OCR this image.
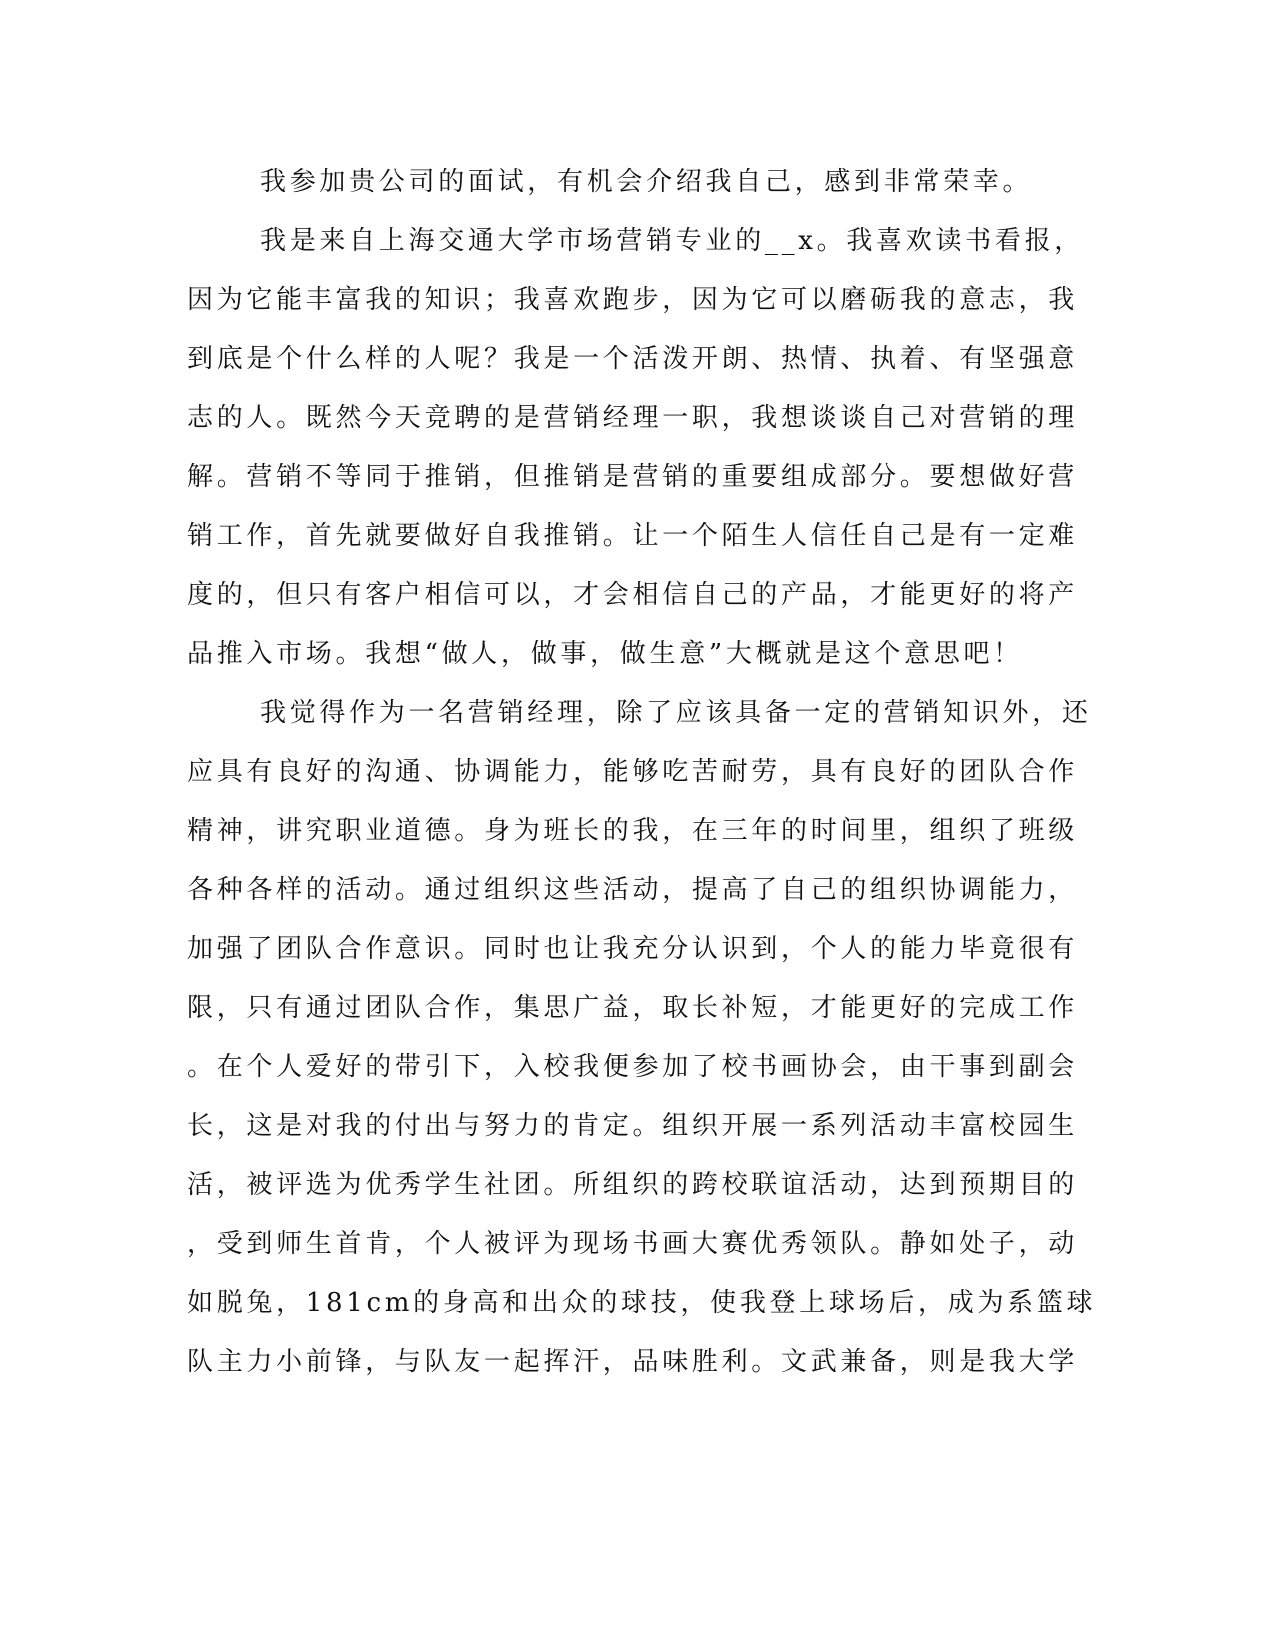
我参加贵公司的面试，有机会介绍我自己，感到非常荣幸。

我是来自上海交通大学市场营销专业的__x。我喜欢读书看报，

因为它能丰富我的知识；我喜欢跑步，因为它可以磨砺我的意志，我

到底是个什么样的人呢？我是一个活泼开朗、热情、执着、有坚强意

志的人。既然今天竞聘的是营销经理一职，我想谈谈自己对营销的理

解。营销不等同于推销，但推销是营销的重要组成部分。要想做好营

销工作，首先就要做好自我推销。让一个陌生人信任自己是有一定难

度的，但只有客户相信可以，才会相信自己的产品，才能更好的将产

品推入市场。我想“做人，做事，做生意”大概就是这个意思吧！

我觉得作为一名营销经理，除了应该具备一定的营销知识外，还

应具有良好的沟通、协调能力，能够吃苦耐劳，具有良好的团队合作

精神，讲究职业道德。身为班长的我，在三年的时间里，组织了班级

各种各样的活动。通过组织这些活动，提高了自己的组织协调能力，

加强了团队合作意识。同时也让我充分认识到，个人的能力毕竟很有

限，只有通过团队合作，集思广益，取长补短，才能更好的完成工作

。在个人爱好的带引下，入校我便参加了校书画协会，由干事到副会

长，这是对我的付出与努力的肯定。组织开展一系列活动丰富校园生

活，被评选为优秀学生社团。所组织的跨校联谊活动，达到预期目的

，受到师生首肯，个人被评为现场书画大赛优秀领队。静如处子，动

如脱兔，181cm的身高和出众的球技，使我登上球场后，成为系篮球

队主力小前锋，与队友一起挥汗，品味胜利。文武兼备，则是我大学
